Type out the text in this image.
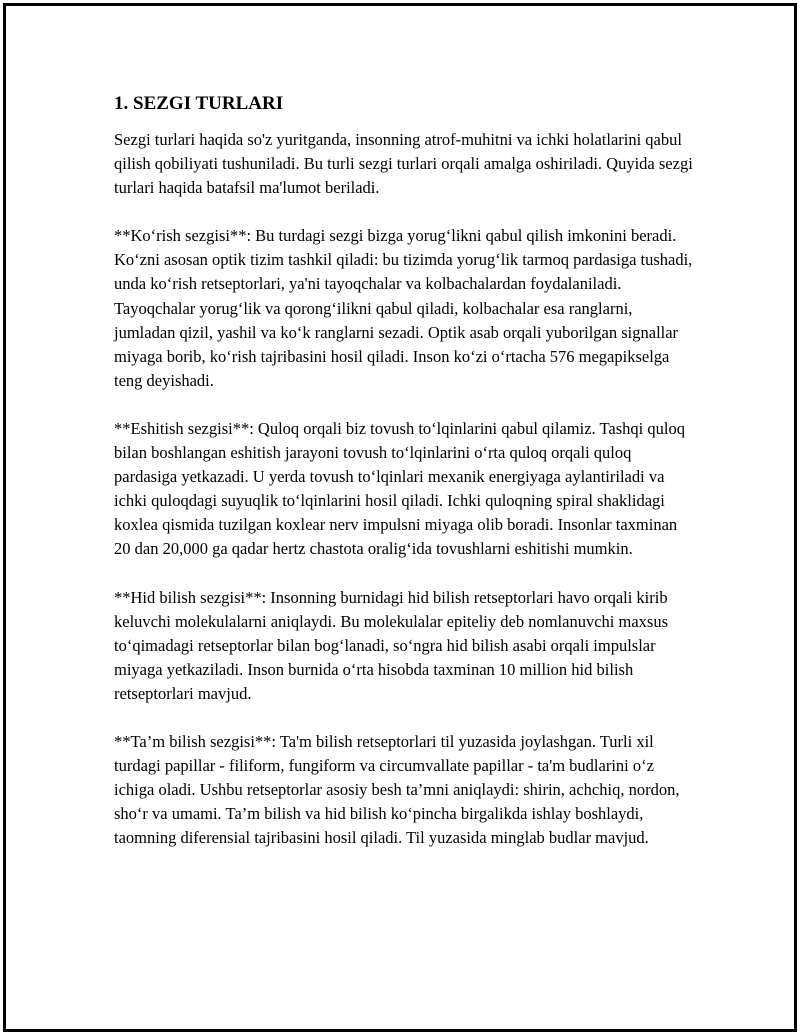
1. SEZGI TURLARI

Sezgi turlari haqida so'z yuritganda, insonning atrof-muhitni va ichki holatlarini qabul qilish qobiliyati tushuniladi. Bu turli sezgi turlari orqali amalga oshiriladi. Quyida sezgi turlari haqida batafsil ma'lumot beriladi.

**Koʻrish sezgisi**: Bu turdagi sezgi bizga yorugʻlikni qabul qilish imkonini beradi. Koʻzni asosan optik tizim tashkil qiladi: bu tizimda yorugʻlik tarmoq pardasiga tushadi, unda koʻrish retseptorlari, ya'ni tayoqchalar va kolbachalardan foydalaniladi. Tayoqchalar yorugʻlik va qorongʻilikni qabul qiladi, kolbachalar esa ranglarni, jumladan qizil, yashil va koʻk ranglarni sezadi. Optik asab orqali yuborilgan signallar miyaga borib, koʻrish tajribasini hosil qiladi. Inson koʻzi oʻrtacha 576 megapikselga teng deyishadi.

**Eshitish sezgisi**: Quloq orqali biz tovush toʻlqinlarini qabul qilamiz. Tashqi quloq bilan boshlangan eshitish jarayoni tovush toʻlqinlarini oʻrta quloq orqali quloq pardasiga yetkazadi. U yerda tovush toʻlqinlari mexanik energiyaga aylantiriladi va ichki quloqdagi suyuqlik toʻlqinlarini hosil qiladi. Ichki quloqning spiral shaklidagi koxlea qismida tuzilgan koxlear nerv impulsni miyaga olib boradi. Insonlar taxminan 20 dan 20,000 ga qadar hertz chastota oraligʻida tovushlarni eshitishi mumkin.

**Hid bilish sezgisi**: Insonning burnidagi hid bilish retseptorlari havo orqali kirib keluvchi molekulalarni aniqlaydi. Bu molekulalar epiteliy deb nomlanuvchi maxsus toʻqimadagi retseptorlar bilan bogʻlanadi, soʻngra hid bilish asabi orqali impulslar miyaga yetkaziladi. Inson burnida oʻrta hisobda taxminan 10 million hid bilish retseptorlari mavjud.

**Ta’m bilish sezgisi**: Ta'm bilish retseptorlari til yuzasida joylashgan. Turli xil turdagi papillar - filiform, fungiform va circumvallate papillar - ta'm budlarini oʻz ichiga oladi. Ushbu retseptorlar asosiy besh ta’mni aniqlaydi: shirin, achchiq, nordon, shoʻr va umami. Ta’m bilish va hid bilish koʻpincha birgalikda ishlay boshlaydi, taomning diferensial tajribasini hosil qiladi. Til yuzasida minglab budlar mavjud.
